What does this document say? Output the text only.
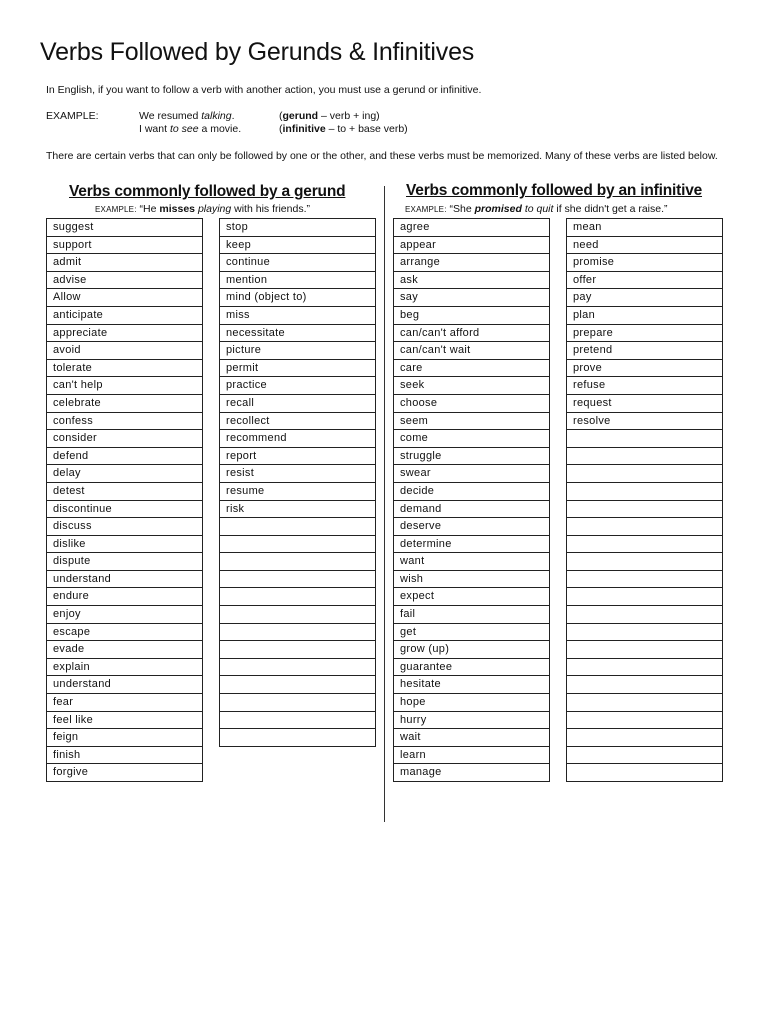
Verbs Followed by Gerunds & Infinitives

In English, if you want to follow a verb with another action, you must use a gerund or infinitive.

EXAMPLE:	We resumed talking.	(gerund – verb + ing)
I want to see a movie.	(infinitive – to + base verb)

There are certain verbs that can only be followed by one or the other, and these verbs must be memorized. Many of these verbs are listed below.

Verbs commonly followed by a gerund
EXAMPLE: “He misses playing with his friends.”
Verbs commonly followed by an infinitive
EXAMPLE: “She promised to quit if she didn't get a raise.”
suggest
support
admit
advise
Allow
anticipate
appreciate
avoid
tolerate
can't help
celebrate
confess
consider
defend
delay
detest
discontinue
discuss
dislike
dispute
understand
endure
enjoy
escape
evade
explain
understand
fear
feel like
feign
finish
forgive
stop
keep
continue
mention
mind (object to)
miss
necessitate
picture
permit
practice
recall
recollect
recommend
report
resist
resume
risk
agree
appear
arrange
ask
say
beg
can/can't afford
can/can't wait
care
seek
choose
seem
come
struggle
swear
decide
demand
deserve
determine
want
wish
expect
fail
get
grow (up)
guarantee
hesitate
hope
hurry
wait
learn
manage
mean
need
promise
offer
pay
plan
prepare
pretend
prove
refuse
request
resolve
